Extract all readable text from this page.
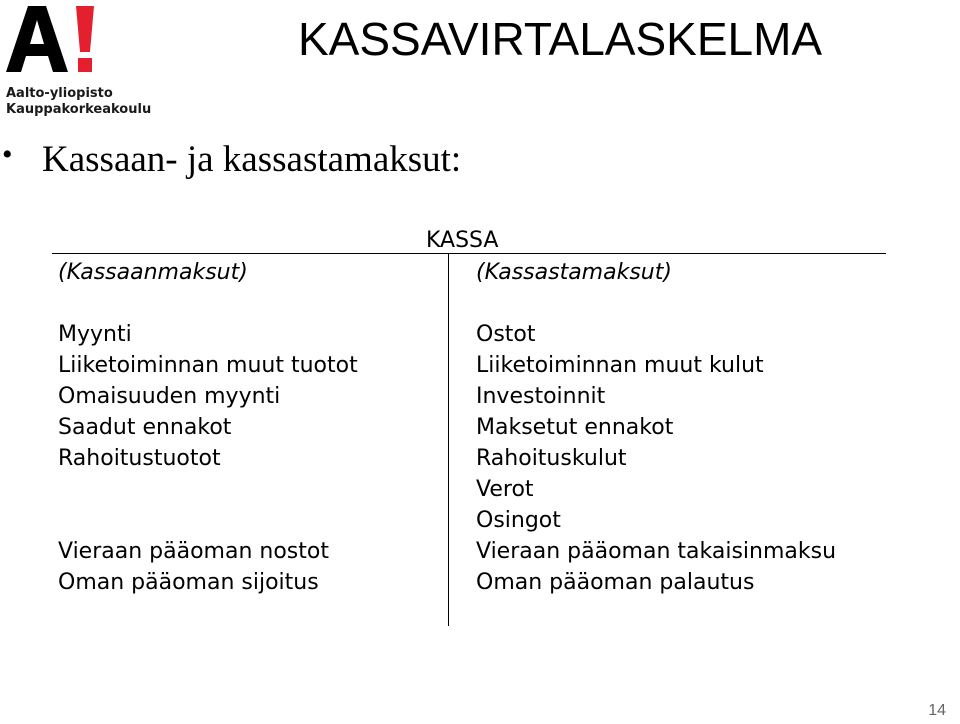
Aalto-yliopisto
Kauppakorkeakoulu
KASSAVIRTALASKELMA
• Kassaan- ja kassastamaksut:
KASSA
(Kassaanmaksut)
Myynti
Liiketoiminnan muut tuotot
Omaisuuden myynti
Saadut ennakot
Rahoitustuotot
Vieraan pääoman nostot
Oman pääoman sijoitus
(Kassastamaksut)
Ostot
Liiketoiminnan muut kulut
Investoinnit
Maksetut ennakot
Rahoituskulut
Verot
Osingot
Vieraan pääoman takaisinmaksu
Oman pääoman palautus
14
